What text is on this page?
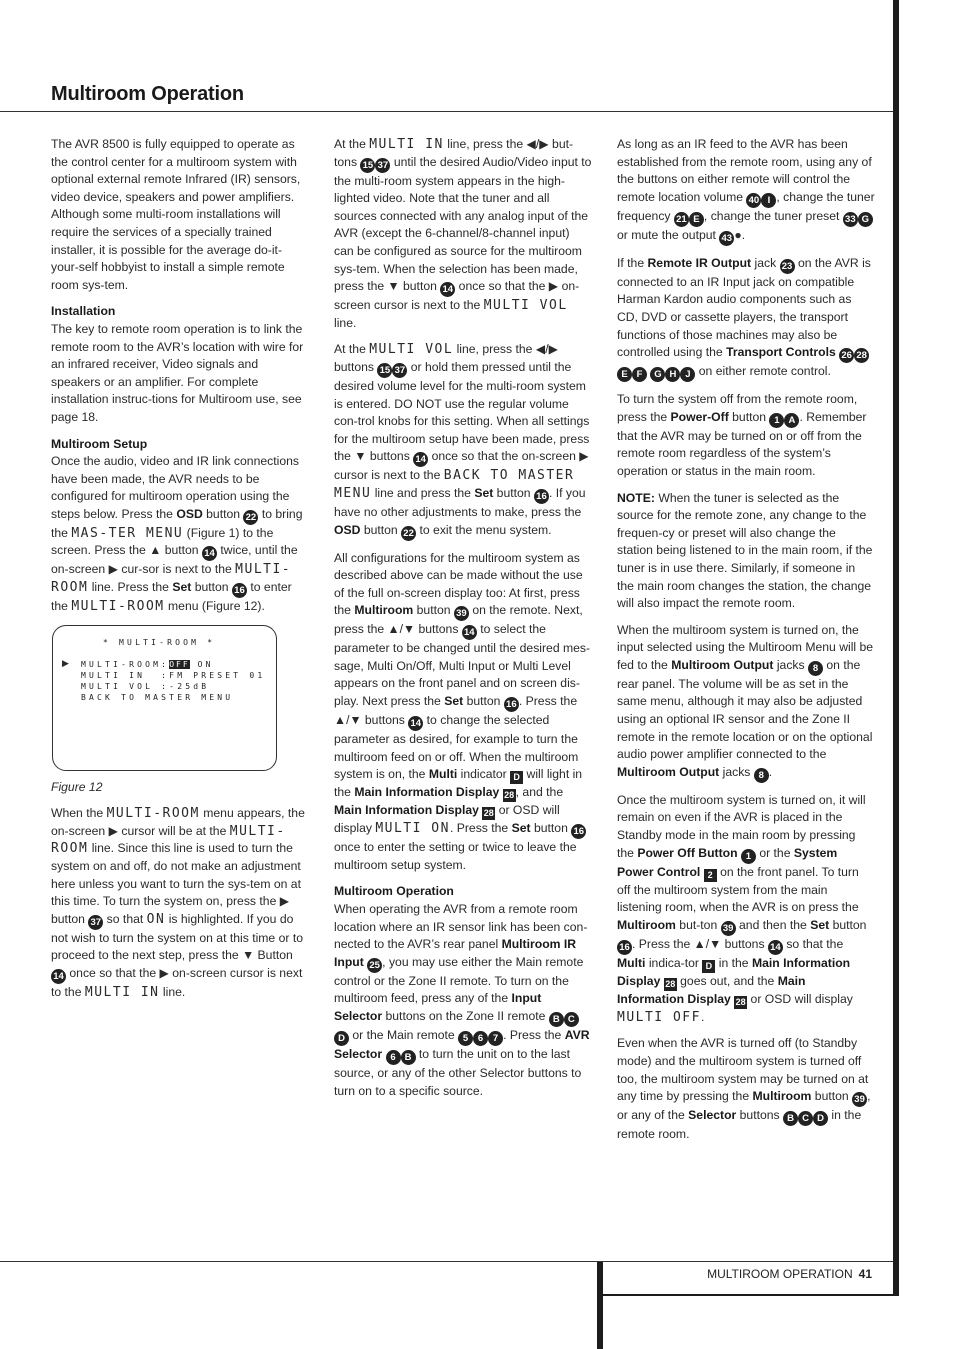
Multiroom Operation

The AVR 8500 is fully equipped to operate as the control center for a multiroom system with optional external remote Infrared (IR) sensors, video device, speakers and power amplifiers. Although some multi-room installations will require the services of a specially trained installer, it is possible for the average do-it-your-self hobbyist to install a simple remote room sys-tem.

Installation
The key to remote room operation is to link the remote room to the AVR’s location with wire for an infrared receiver, Video signals and speakers or an amplifier. For complete installation instruc-tions for Multiroom use, see page 18.

Multiroom Setup
Once the audio, video and IR link connections have been made, the AVR needs to be configured for multiroom operation using the steps below. Press the OSD button 22 to bring the MAS-TER MENU (Figure 1) to the screen. Press the ▲ button 14 twice, until the on-screen ▶ cur-sor is next to the MULTI-ROOM line. Press the Set button 16 to enter the MULTI-ROOM menu (Figure 12).

* MULTI-ROOM *
▶ MULTI-ROOM:OFF ON
MULTI IN  :FM PRESET 01
MULTI VOL :-25dB
BACK TO MASTER MENU

Figure 12

When the MULTI-ROOM menu appears, the on-screen ▶ cursor will be at the MULTI-ROOM line. Since this line is used to turn the system on and off, do not make an adjustment here unless you want to turn the sys-tem on at this time. To turn the system on, press the ▶ button 37 so that ON is highlighted. If you do not wish to turn the system on at this time or to proceed to the next step, press the ▼ Button 14 once so that the ▶ on-screen cursor is next to the MULTI IN line.

At the MULTI IN line, press the ◀/▶ but-tons 15 37 until the desired Audio/Video input to the multi-room system appears in the high-lighted video. Note that the tuner and all sources connected with any analog input of the AVR (except the 6-channel/8-channel input) can be configured as source for the multiroom sys-tem. When the selection has been made, press the ▼ button 14 once so that the ▶ on-screen cursor is next to the MULTI VOL line.

At the MULTI VOL line, press the ◀/▶ buttons 15 37 or hold them pressed until the desired volume level for the multi-room system is entered. DO NOT use the regular volume con-trol knobs for this setting. When all settings for the multiroom setup have been made, press the ▼ buttons 14 once so that the on-screen ▶ cursor is next to the BACK TO MASTER MENU line and press the Set button 16 . If you have no other adjustments to make, press the OSD button 22 to exit the menu system.

All configurations for the multiroom system as described above can be made without the use of the full on-screen display too: At first, press the Multiroom button 39 on the remote. Next, press the ▲/▼ buttons 14 to select the parameter to be changed until the desired mes-sage, Multi On/Off, Multi Input or Multi Level appears on the front panel and on screen dis-play. Next press the Set button 16 . Press the ▲/▼ buttons 14 to change the selected parameter as desired, for example to turn the multiroom feed on or off. When the multiroom system is on, the Multi indicator D will light in the Main Information Display 28 , and the Main Information Display 28 or OSD will display MULTI ON. Press the Set button 16 once to enter the setting or twice to leave the multiroom setup system.

Multiroom Operation
When operating the AVR from a remote room location where an IR sensor link has been con-nected to the AVR’s rear panel Multiroom IR Input 25 , you may use either the Main remote control or the Zone II remote. To turn on the multiroom feed, press any of the Input Selector buttons on the Zone II remote B CD or the Main remote 5 6 7 . Press the AVR Selector 6 B to turn the unit on to the last source, or any of the other Selector buttons to turn on to a specific source.

As long as an IR feed to the AVR has been established from the remote room, using any of the buttons on either remote will control the remote location volume 40 I , change the tuner frequency 21 E , change the tuner preset 33 G or mute the output 43 ●.

If the Remote IR Output jack 23 on the AVR is connected to an IR Input jack on compatible Harman Kardon audio components such as CD, DVD or cassette players, the transport functions of those machines may also be controlled using the Transport Controls 26 28E F G H J on either remote control.

To turn the system off from the remote room, press the Power-Off button 1 A . Remember that the AVR may be turned on or off from the remote room regardless of the system’s operation or status in the main room.

NOTE: When the tuner is selected as the source for the remote zone, any change to the frequen-cy or preset will also change the station being listened to in the main room, if the tuner is in use there. Similarly, if someone in the main room changes the station, the change will also impact the remote room.

When the multiroom system is turned on, the input selected using the Multiroom Menu will be fed to the Multiroom Output jacks 8 on the rear panel. The volume will be as set in the same menu, although it may also be adjusted using an optional IR sensor and the Zone II remote in the remote location or on the optional audio power amplifier connected to the Multiroom Output jacks 8 .

Once the multiroom system is turned on, it will remain on even if the AVR is placed in the Standby mode in the main room by pressing the Power Off Button 1 or the System Power Control 2 on the front panel. To turn off the multiroom system from the main listening room, when the AVR is on press the Multiroom but-ton 39 and then the Set button 16 . Press the ▲/▼ buttons 14 so that the Multi indica-tor D in the Main Information Display 28 goes out, and the Main Information Display 28 or OSD will display MULTI OFF.

Even when the AVR is turned off (to Standby mode) and the multiroom system is turned off too, the multiroom system may be turned on at any time by pressing the Multiroom button 39 , or any of the Selector buttons B C D in the remote room.

MULTIROOM OPERATION 41
